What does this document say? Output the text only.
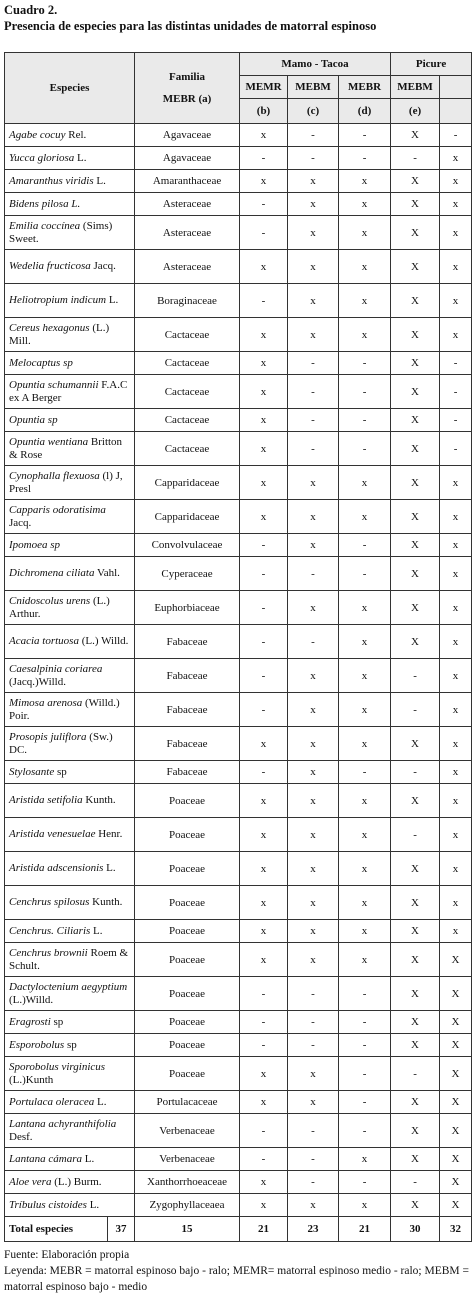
Cuadro 2.
Presencia de especies para las distintas unidades de matorral espinoso
Especies		Familia
MEBR (a)	Mamo - Tacoa			Picure	
			MEMR	MEBM	MEBR	MEBM	
			(b)	(c)	(d)	(e)	
Agabe cocuy Rel.		Agavaceae	x	-	-	X	-
Yucca gloriosa L.		Agavaceae	-	-	-	-	x
Amaranthus viridis L.		Amaranthaceae	x	x	x	X	x
Bidens pilosa L.		Asteraceae	-	x	x	X	x
Emilia coccínea (Sims) Sweet.		Asteraceae	-	x	x	X	x
Wedelia fructicosa Jacq.		Asteraceae	x	x	x	X	x
Heliotropium indicum L.		Boraginaceae	-	x	x	X	x
Cereus hexagonus (L.) Mill.		Cactaceae	x	x	x	X	x
Melocaptus sp		Cactaceae	x	-	-	X	-
Opuntia schumannii F.A.C ex A Berger		Cactaceae	x	-	-	X	-
Opuntia sp		Cactaceae	x	-	-	X	-
Opuntia wentiana Britton & Rose		Cactaceae	x	-	-	X	-
Cynophalla flexuosa (l) J, Presl		Capparidaceae	x	x	x	X	x
Capparis odoratisima Jacq.		Capparidaceae	x	x	x	X	x
Ipomoea sp		Convolvulaceae	-	x	-	X	x
Dichromena ciliata Vahl.		Cyperaceae	-	-	-	X	x
Cnidoscolus urens (L.) Arthur.		Euphorbiaceae	-	x	x	X	x
Acacia tortuosa (L.) Willd.		Fabaceae	-	-	x	X	x
Caesalpinia coriarea (Jacq.)Willd.		Fabaceae	-	x	x	-	x
Mimosa arenosa (Willd.) Poir.		Fabaceae	-	x	x	-	x
Prosopis juliflora (Sw.) DC.		Fabaceae	x	x	x	X	x
Stylosante sp		Fabaceae	-	x	-	-	x
Aristida setifolia Kunth.		Poaceae	x	x	x	X	x
Aristida venesuelae Henr.		Poaceae	x	x	x	-	x
Aristida adscensionis L.		Poaceae	x	x	x	X	x
Cenchrus spilosus Kunth.		Poaceae	x	x	x	X	x
Cenchrus. Ciliaris L.		Poaceae	x	x	x	X	x
Cenchrus brownii Roem & Schult.		Poaceae	x	x	x	X	X
Dactyloctenium aegyptium (L.)Willd.		Poaceae	-	-	-	X	X
Eragrosti sp		Poaceae	-	-	-	X	X
Esporobolus sp		Poaceae	-	-	-	X	X
Sporobolus virginicus (L.)Kunth		Poaceae	x	x	-	-	X
Portulaca oleracea L.		Portulacaceae	x	x	-	X	X
Lantana achyranthifolia Desf.		Verbenaceae	-	-	-	X	X
Lantana cámara L.		Verbenaceae	-	-	x	X	X
Aloe vera (L.) Burm.		Xanthorrhoeaceae	x	-	-	-	X
Tríbulus cistoides L.		Zygophyllaceaea	x	x	x	X	X
Total especies	37	15	21	23	21	30	32
Fuente: Elaboración propia
Leyenda: MEBR = matorral espinoso bajo - ralo; MEMR= matorral espinoso medio - ralo; MEBM = matorral espinoso bajo - medio
